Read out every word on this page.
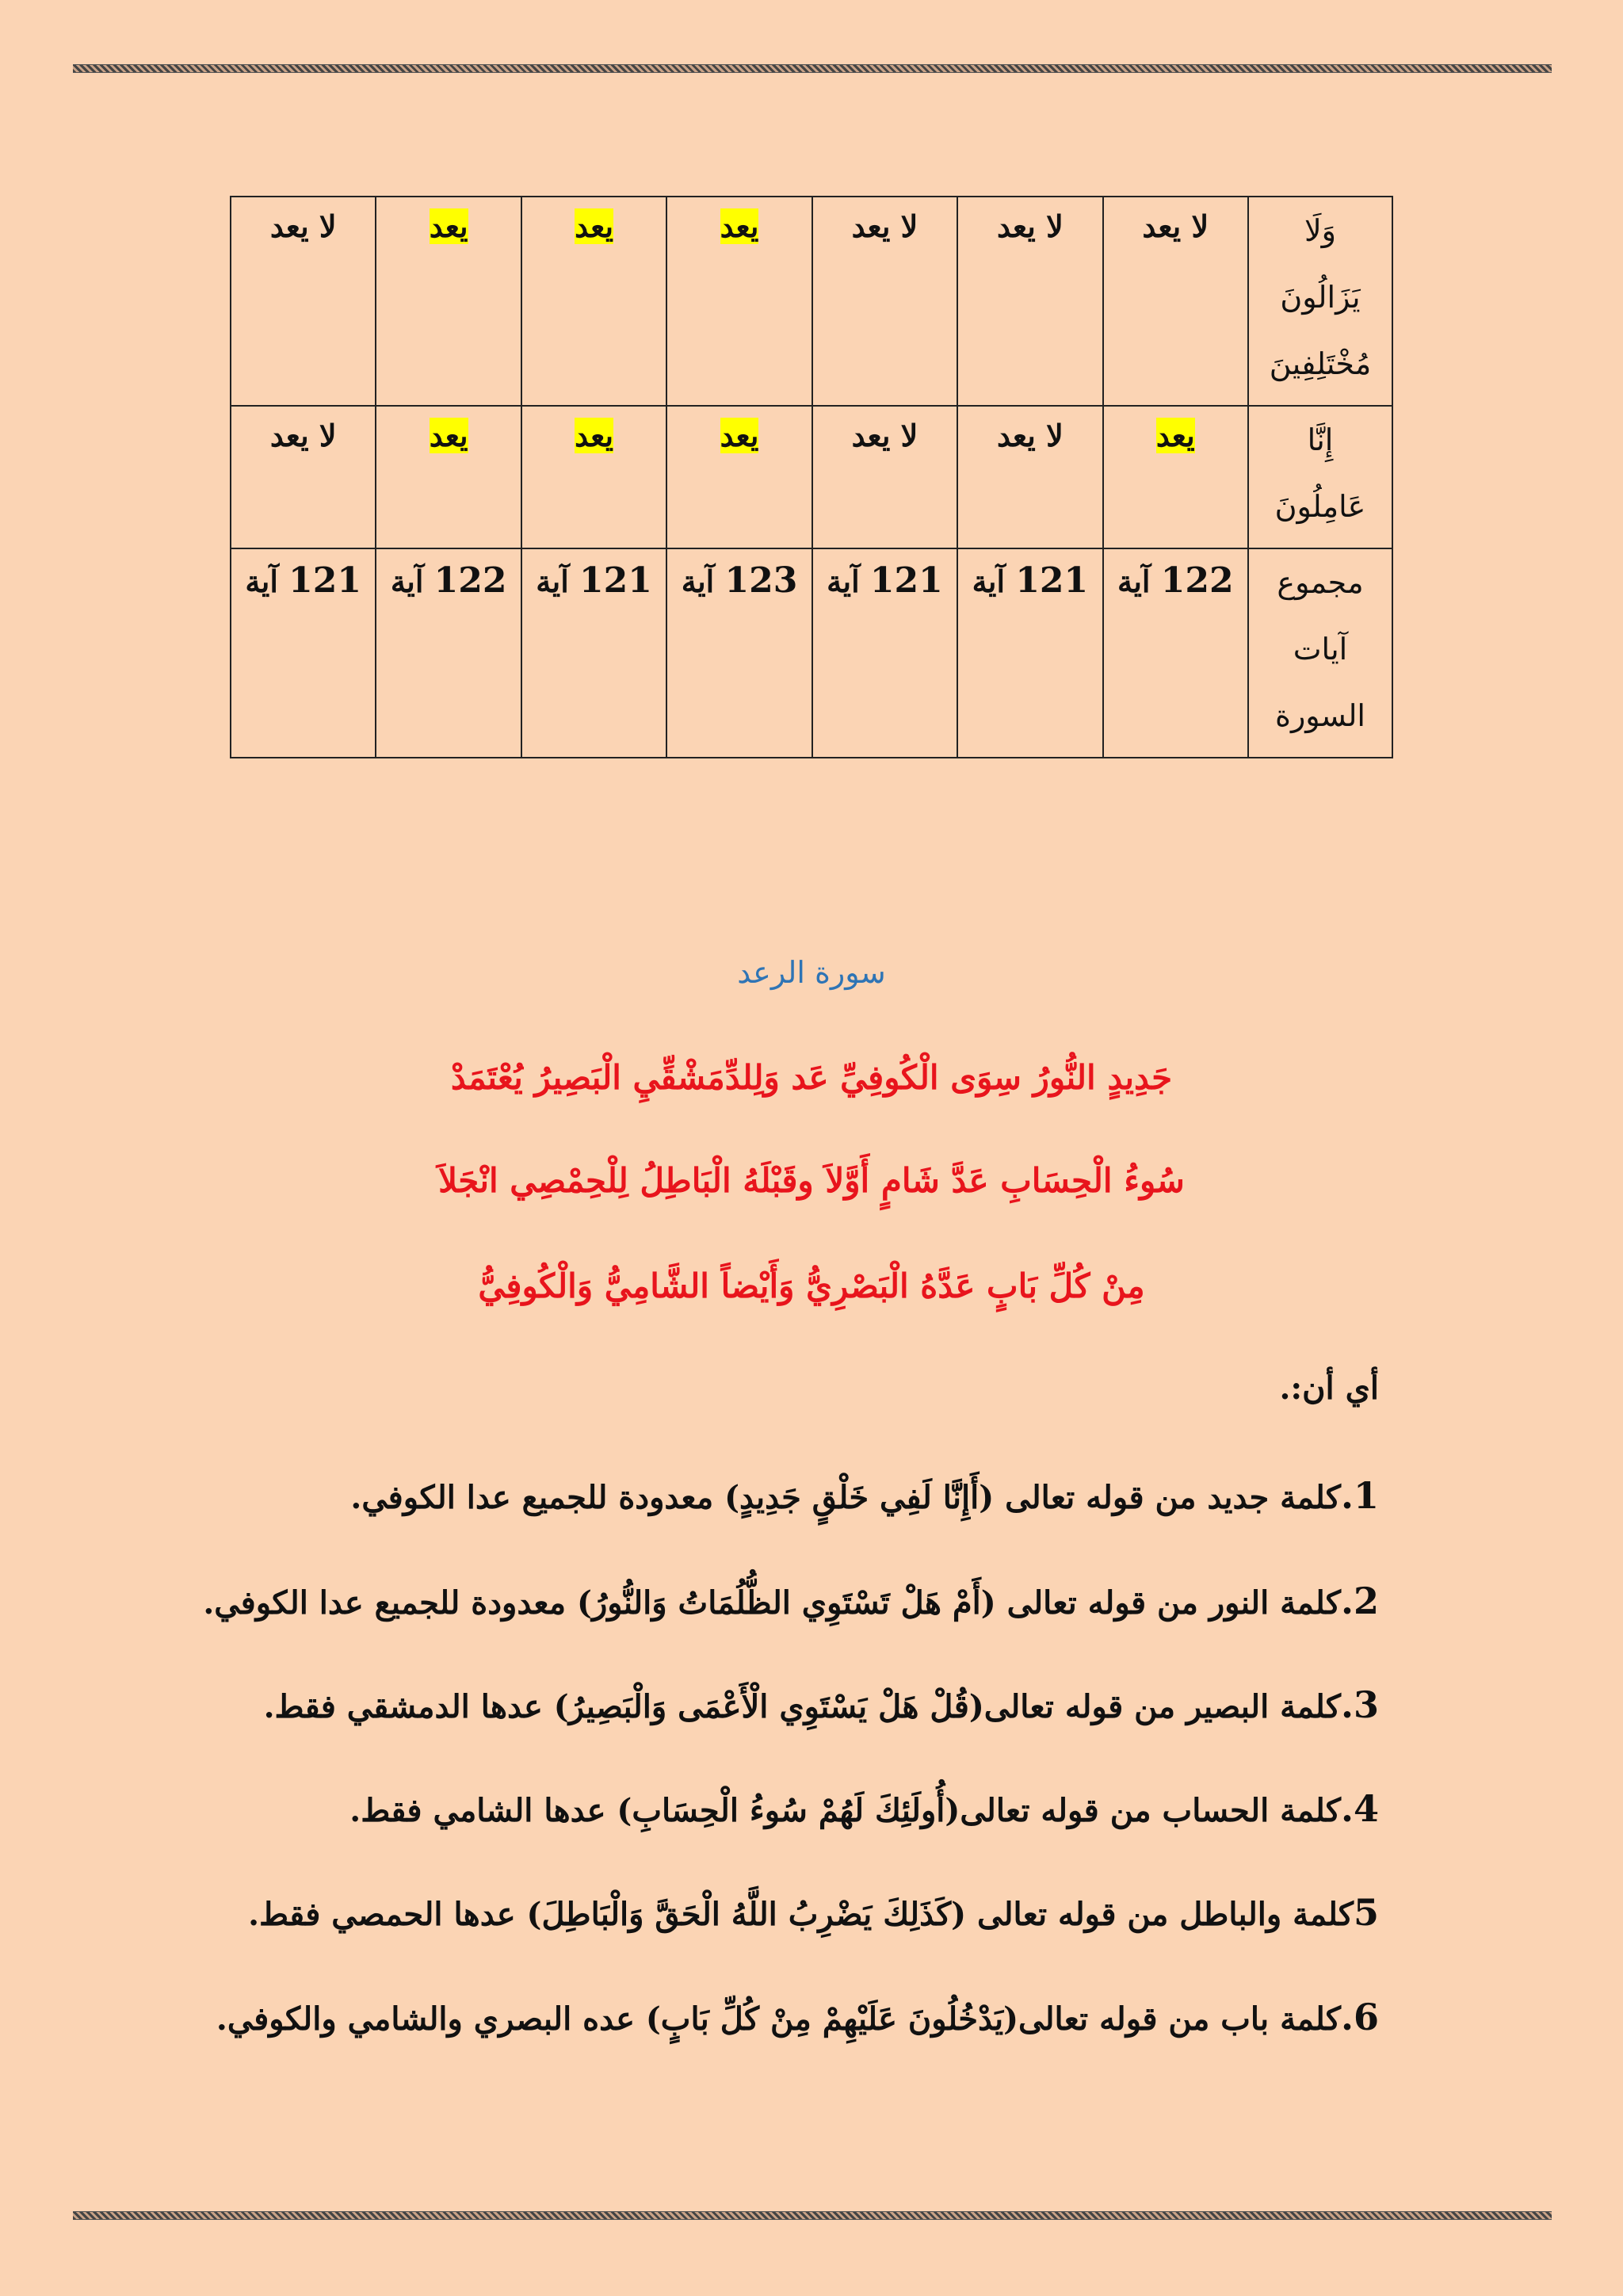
وَلَا
يَزَالُونَ
مُخْتَلِفِينَ	لا يعد	لا يعد	لا يعد	يعد	يعد	يعد	لا يعد

إِنَّا
عَامِلُونَ	يعد	لا يعد	لا يعد	يعد	يعد	يعد	لا يعد

مجموع
آيات
السورة	122 آية	121 آية	121 آية	123 آية	121 آية	122 آية	121 آية
سورة الرعد
جَدِيدٍ النُّورُ سِوَى الْكُوفِيِّ عَد وَلِلدِّمَشْقِّيِ الْبَصِيرُ يُعْتَمَدْ
سُوءُ الْحِسَابِ عَدَّ شَامٍ أَوَّلاَ وقَبْلَهُ الْبَاطِلُ لِلْحِمْصِي انْجَلاَ
مِنْ كُلِّ بَابٍ عَدَّهُ الْبَصْرِيُّ وَأَيْضاً الشَّامِيُّ وَالْكُوفِيُّ
أي أن:.
1.كلمة جديد من قوله تعالى (أَإِنَّا لَفِي خَلْقٍ جَدِيدٍ) معدودة للجميع عدا الكوفي.
2.كلمة النور من قوله تعالى (أَمْ هَلْ تَسْتَوِي الظُّلُمَاتُ وَالنُّورُ) معدودة للجميع عدا الكوفي.
3.كلمة البصير من قوله تعالى(قُلْ هَلْ يَسْتَوِي الْأَعْمَى وَالْبَصِيرُ) عدها الدمشقي فقط.
4.كلمة الحساب من قوله تعالى(أُولَئِكَ لَهُمْ سُوءُ الْحِسَابِ) عدها الشامي فقط.
5كلمة والباطل من قوله تعالى (كَذَلِكَ يَضْرِبُ اللَّهُ الْحَقَّ وَالْبَاطِلَ) عدها الحمصي فقط.
6.كلمة باب من قوله تعالى(يَدْخُلُونَ عَلَيْهِمْ مِنْ كُلِّ بَابٍ) عده البصري والشامي والكوفي.
